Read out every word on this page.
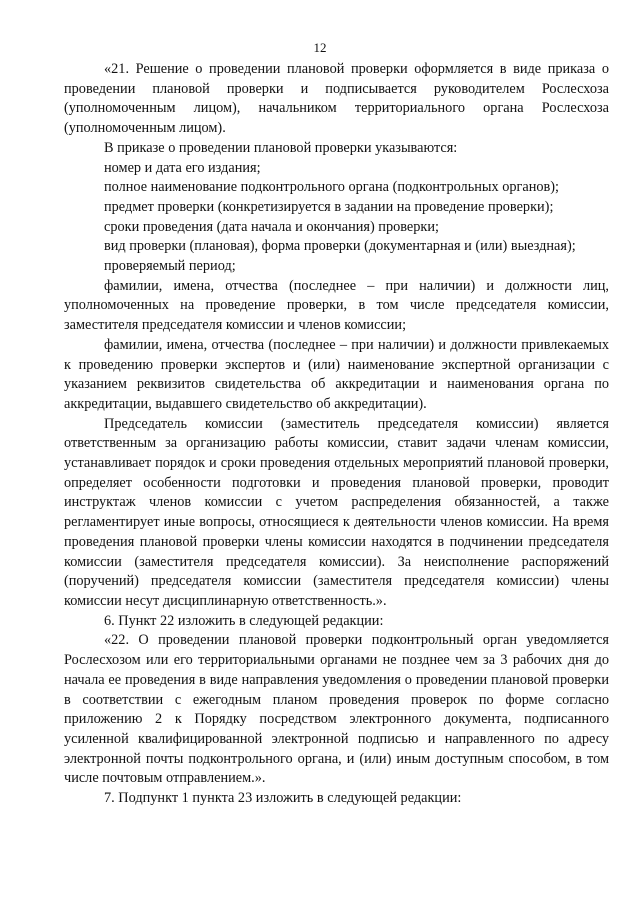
12

«21. Решение о проведении плановой проверки оформляется в виде приказа о проведении плановой проверки и подписывается руководителем Рослесхоза (уполномоченным лицом), начальником территориального органа Рослесхоза (уполномоченным лицом).

В приказе о проведении плановой проверки указываются:

номер и дата его издания;

полное наименование подконтрольного органа (подконтрольных органов);

предмет проверки (конкретизируется в задании на проведение проверки);

сроки проведения (дата начала и окончания) проверки;

вид проверки (плановая), форма проверки (документарная и (или) выездная);

проверяемый период;

фамилии, имена, отчества (последнее – при наличии) и должности лиц, уполномоченных на проведение проверки, в том числе председателя комиссии, заместителя председателя комиссии и членов комиссии;

фамилии, имена, отчества (последнее – при наличии) и должности привлекаемых к проведению проверки экспертов и (или) наименование экспертной организации с указанием реквизитов свидетельства об аккредитации и наименования органа по аккредитации, выдавшего свидетельство об аккредитации).

Председатель комиссии (заместитель председателя комиссии) является ответственным за организацию работы комиссии, ставит задачи членам комиссии, устанавливает порядок и сроки проведения отдельных мероприятий плановой проверки, определяет особенности подготовки и проведения плановой проверки, проводит инструктаж членов комиссии с учетом распределения обязанностей, а также регламентирует иные вопросы, относящиеся к деятельности членов комиссии. На время проведения плановой проверки члены комиссии находятся в подчинении председателя комиссии (заместителя председателя комиссии). За неисполнение распоряжений (поручений) председателя комиссии (заместителя председателя комиссии) члены комиссии несут дисциплинарную ответственность.».

6. Пункт 22 изложить в следующей редакции:

«22. О проведении плановой проверки подконтрольный орган уведомляется Рослесхозом или его территориальными органами не позднее чем за 3 рабочих дня до начала ее проведения в виде направления уведомления о проведении плановой проверки в соответствии с ежегодным планом проведения проверок по форме согласно приложению 2 к Порядку посредством электронного документа, подписанного усиленной квалифицированной электронной подписью и направленного по адресу электронной почты подконтрольного органа, и (или) иным доступным способом, в том числе почтовым отправлением.».

7. Подпункт 1 пункта 23 изложить в следующей редакции:
